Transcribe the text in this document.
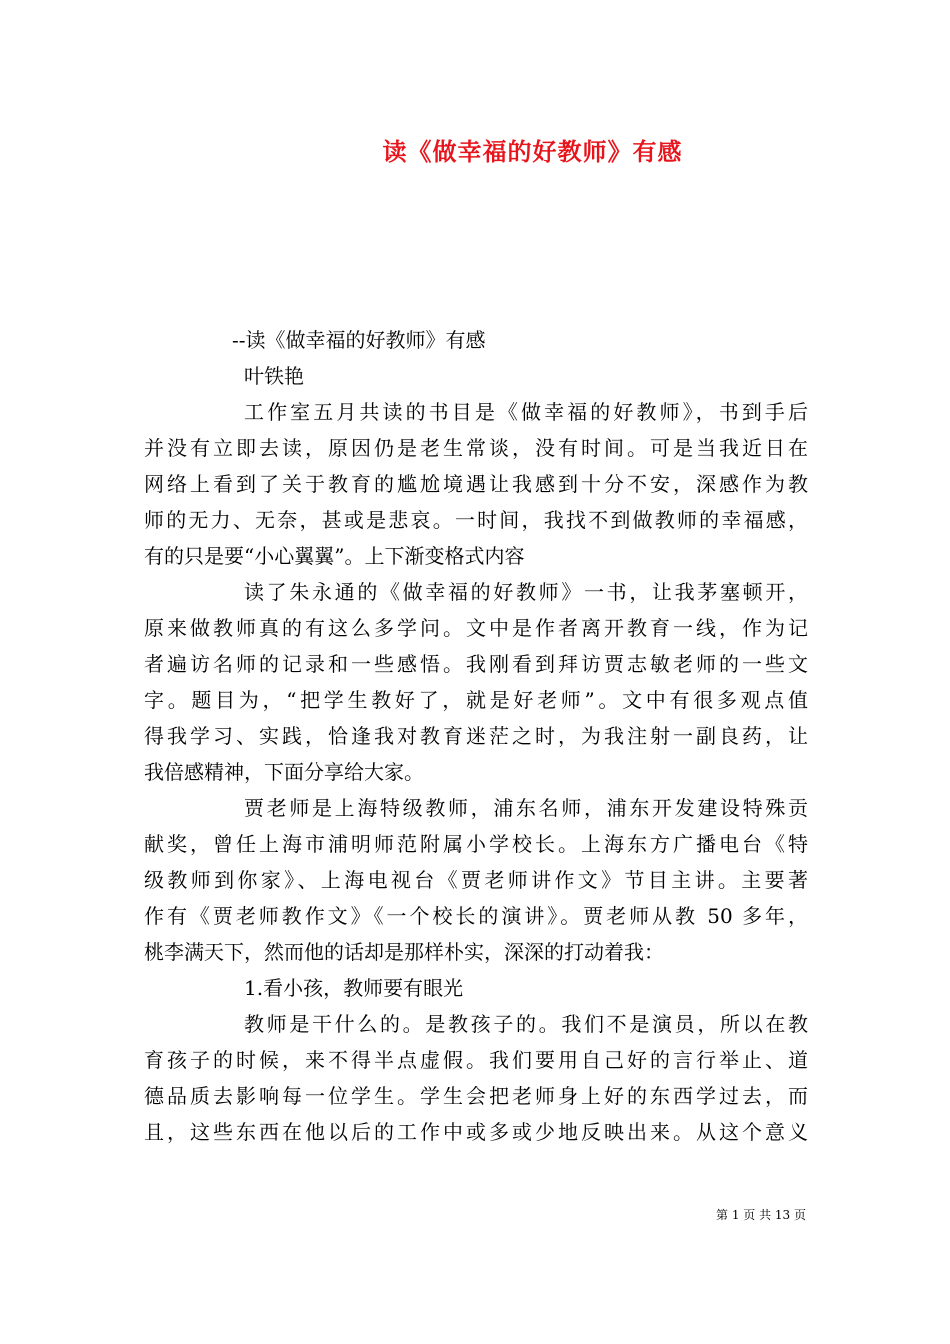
读《做幸福的好教师》有感
--读《做幸福的好教师》有感
叶铁艳
工作室五月共读的书目是《做幸福的好教师》，书到手后
并没有立即去读，原因仍是老生常谈，没有时间。可是当我近日在
网络上看到了关于教育的尴尬境遇让我感到十分不安，深感作为教
师的无力、无奈，甚或是悲哀。一时间，我找不到做教师的幸福感，
有的只是要“小心翼翼”。上下渐变格式内容
读了朱永通的《做幸福的好教师》一书，让我茅塞顿开，
原来做教师真的有这么多学问。文中是作者离开教育一线，作为记
者遍访名师的记录和一些感悟。我刚看到拜访贾志敏老师的一些文
字。题目为，“把学生教好了，就是好老师”。文中有很多观点值
得我学习、实践，恰逢我对教育迷茫之时，为我注射一副良药，让
我倍感精神，下面分享给大家。
贾老师是上海特级教师，浦东名师，浦东开发建设特殊贡
献奖，曾任上海市浦明师范附属小学校长。上海东方广播电台《特
级教师到你家》、上海电视台《贾老师讲作文》节目主讲。主要著
作有《贾老师教作文》《一个校长的演讲》。贾老师从教 50 多年，
桃李满天下，然而他的话却是那样朴实，深深的打动着我：
1.看小孩，教师要有眼光
教师是干什么的。是教孩子的。我们不是演员，所以在教
育孩子的时候，来不得半点虚假。我们要用自己好的言行举止、道
德品质去影响每一位学生。学生会把老师身上好的东西学过去，而
且，这些东西在他以后的工作中或多或少地反映出来。从这个意义
第 1 页 共 13 页
